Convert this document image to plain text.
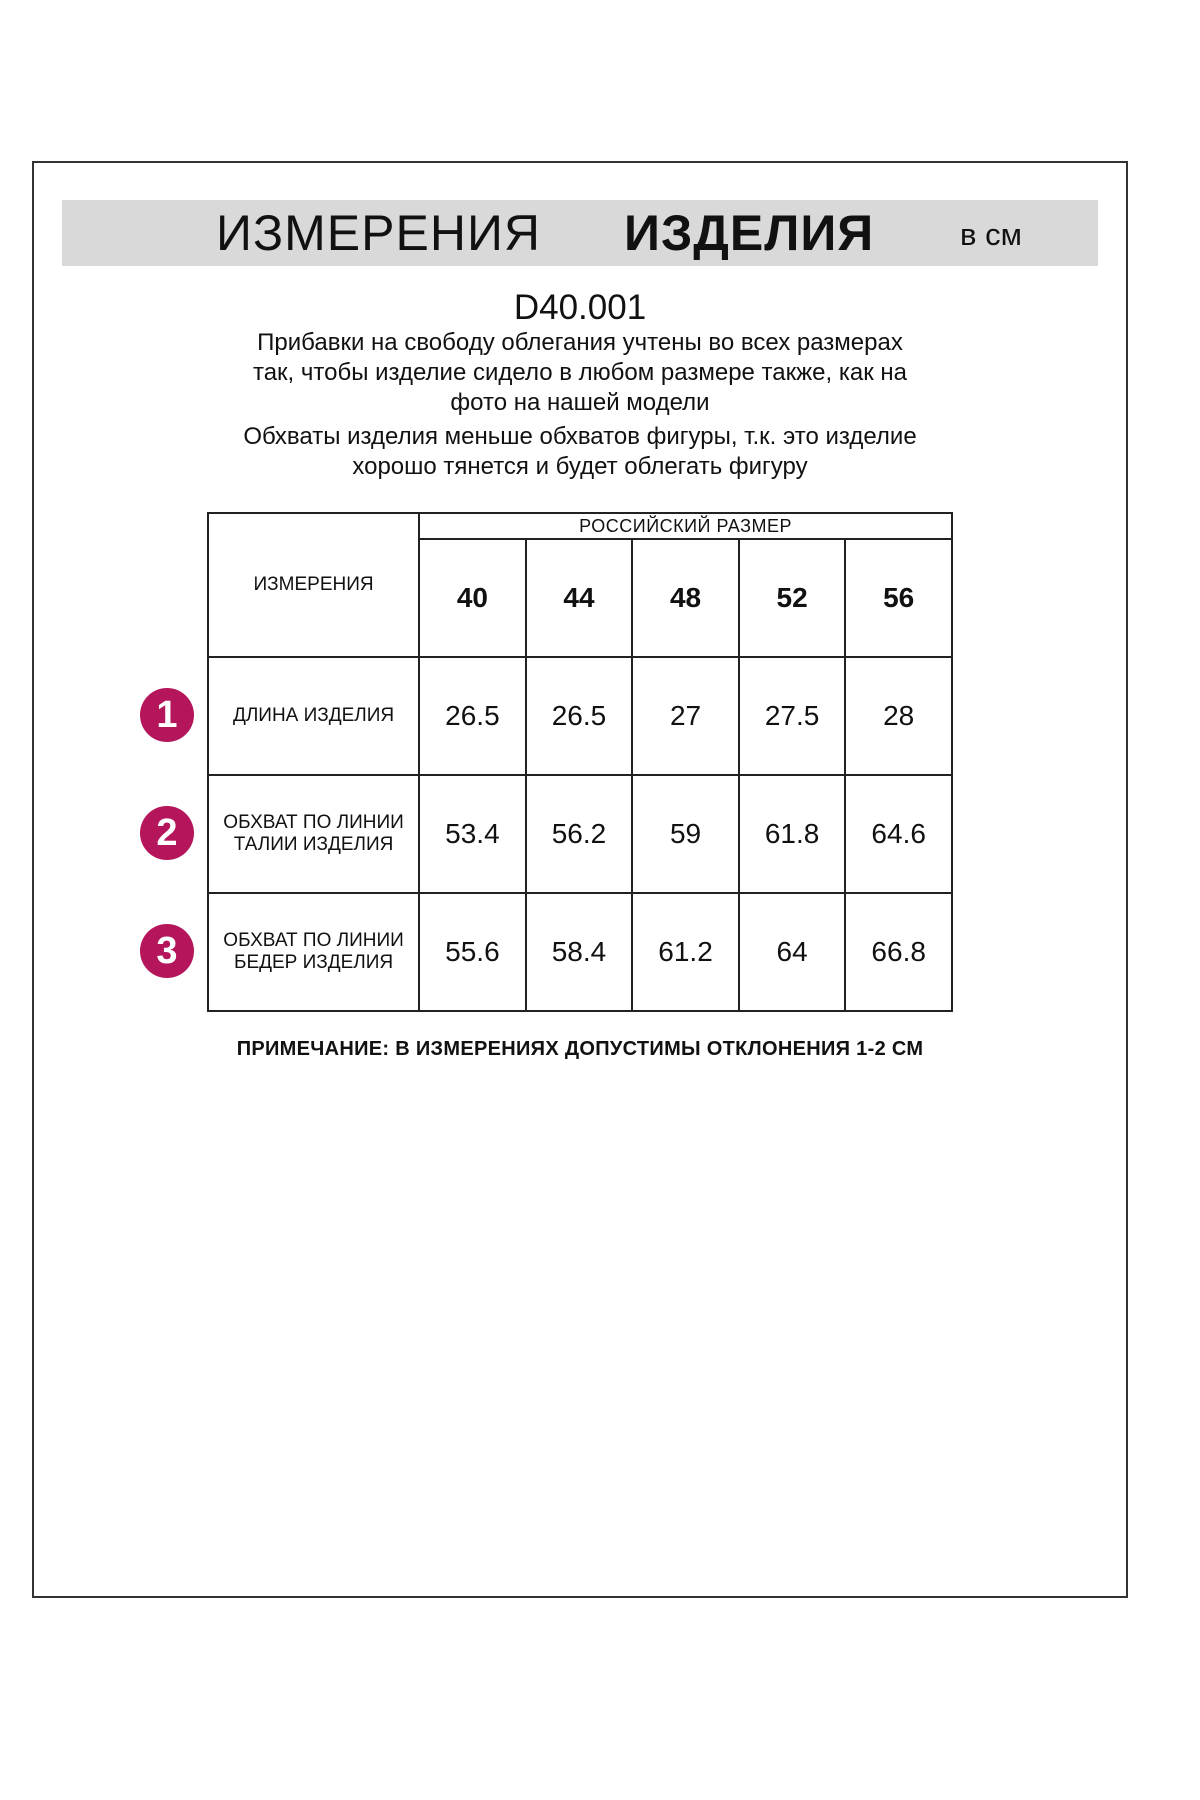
ИЗМЕРЕНИЯ ИЗДЕЛИЯ	в см
D40.001
Прибавки на свободу облегания учтены во всех размерах
так, чтобы изделие сидело в любом размере также, как на
фото на нашей модели
Обхваты изделия меньше обхватов фигуры, т.к. это изделие
хорошо тянется и будет облегать фигуру
ИЗМЕРЕНИЯ	РОССИЙСКИЙ РАЗМЕР				
	40	44	48	52	56

ДЛИНА ИЗДЕЛИЯ	26.5	26.5	27	27.5	28

ОБХВАТ ПО ЛИНИИ
ТАЛИИ ИЗДЕЛИЯ	53.4	56.2	59	61.8	64.6

ОБХВАТ ПО ЛИНИИ
БЕДЕР ИЗДЕЛИЯ	55.6	58.4	61.2	64	66.8
1
2
3
ПРИМЕЧАНИЕ: В ИЗМЕРЕНИЯХ ДОПУСТИМЫ ОТКЛОНЕНИЯ 1-2 СМ
